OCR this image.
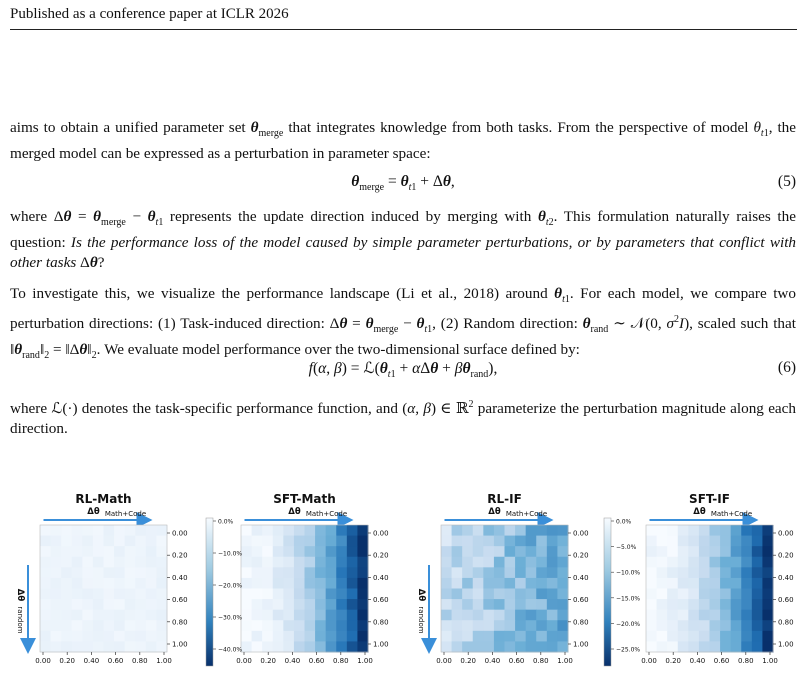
Published as a conference paper at ICLR 2026
aims to obtain a unified parameter set $\theta_{merge}$ that integrates knowledge from both tasks. From the perspective of model $\theta_{t1}$, the merged model can be expressed as a perturbation in parameter space:
$\theta_{merge} = \theta_{t1} + \Delta\theta$,	(5)
where $\Delta\theta = \theta_{merge} - \theta_{t1}$ represents the update direction induced by merging with $\theta_{t2}$. This formulation naturally raises the question: Is the performance loss of the model caused by simple parameter perturbations, or by parameters that conflict with other tasks Δθ?
To investigate this, we visualize the performance landscape (Li et al., 2018) around $\theta_{t1}$. For each model, we compare two perturbation directions: (1) Task-induced direction: $\Delta\theta = \theta_{merge} - \theta_{t1}$, (2) Random direction: $\theta_{rand}$ ∼ 𝒩(0, $\sigma^2I$), scaled such that $‖\theta_{rand}‖_2$ = $‖\Delta\theta‖_2$. We evaluate model performance over the two-dimensional surface defined by:
f(α, $\beta) = ℒ(\theta_{t1} + \alpha\Delta\theta + \beta\theta_{rand})$,	(6)
where ℒ(·) denotes the task-specific performance function, and (α, β) ∈ ℝ$^2$ parameterize the perturbation magnitude along each direction.
RL-Math
Δθ Math+Code
0.00
0.00
0.20
0.20
0.40
0.40
0.60
0.60
0.80
0.80
1.00
1.00
SFT-Math
Δθ Math+Code
0.00
0.00
0.20
0.20
0.40
0.40
0.60
0.60
0.80
0.80
1.00
1.00
RL-IF
Δθ Math+Code
0.00
0.00
0.20
0.20
0.40
0.40
0.60
0.60
0.80
0.80
1.00
1.00
SFT-IF
Δθ Math+Code
0.00
0.00
0.20
0.20
0.40
0.40
0.60
0.60
0.80
0.80
1.00
1.00
Δθ
random
Δθ
random
0.0%
−10.0%
−20.0%
−30.0%
−40.0%
0.0%
−5.0%
−10.0%
−15.0%
−20.0%
−25.0%
